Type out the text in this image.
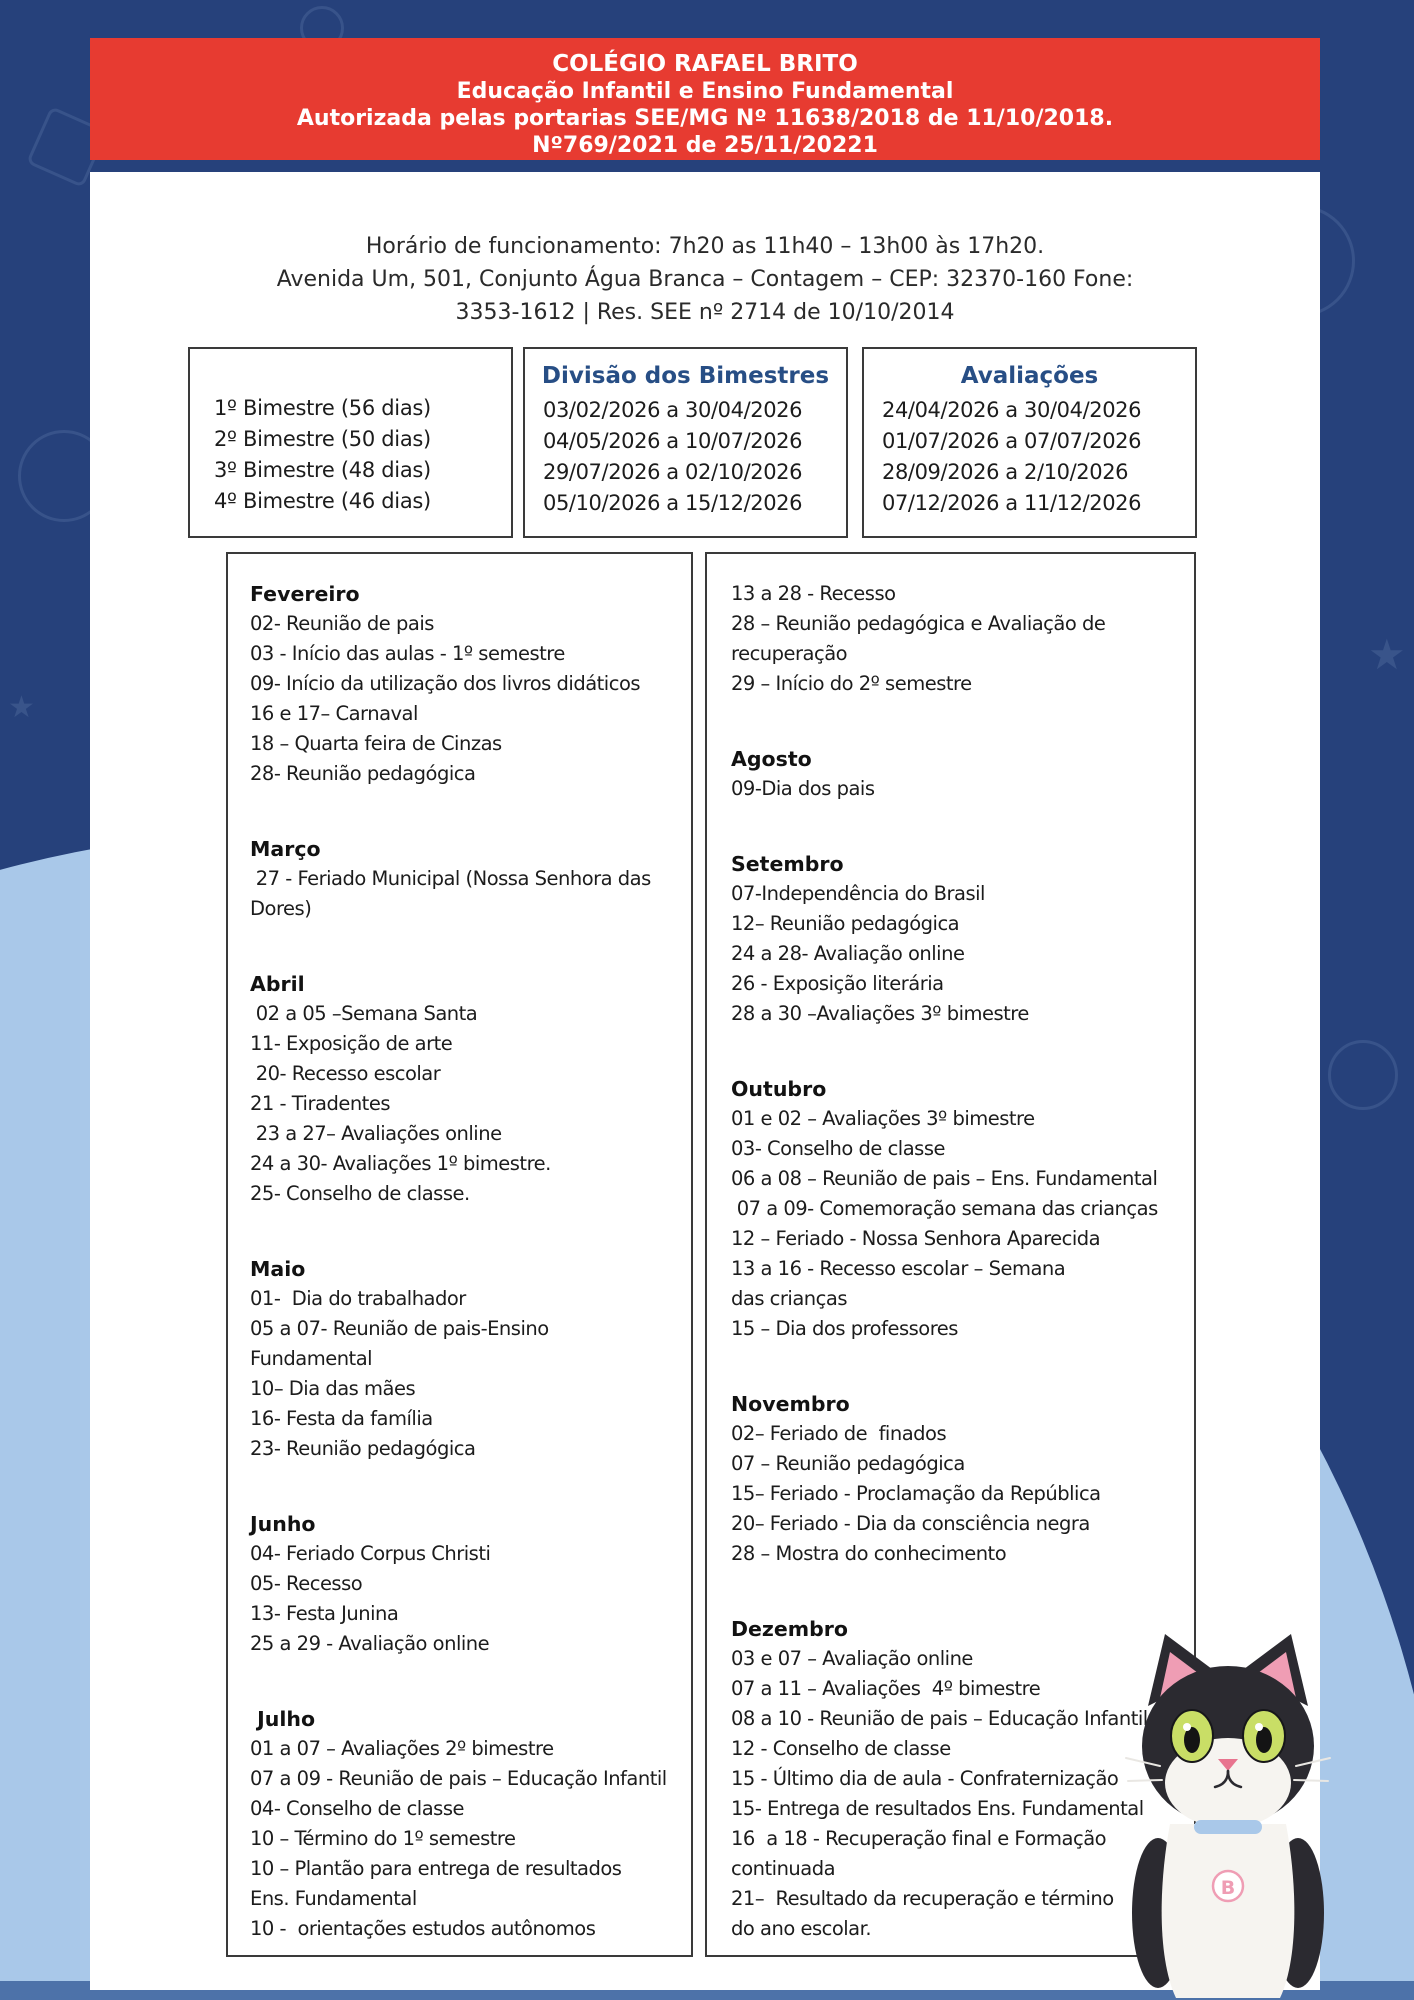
★
★
COLÉGIO RAFAEL BRITO
Educação Infantil e Ensino Fundamental
Autorizada pelas portarias SEE/MG Nº 11638/2018 de 11/10/2018.
Nº769/2021 de 25/11/20221
Horário de funcionamento: 7h20 as 11h40 – 13h00 às 17h20.
Avenida Um, 501, Conjunto Água Branca – Contagem – CEP: 32370-160 Fone:
3353-1612 | Res. SEE nº 2714 de 10/10/2014
1º Bimestre (56 dias)
2º Bimestre (50 dias)
3º Bimestre (48 dias)
4º Bimestre (46 dias)
Divisão dos Bimestres
03/02/2026 a 30/04/2026
04/05/2026 a 10/07/2026
29/07/2026 a 02/10/2026
05/10/2026 a 15/12/2026
Avaliações
24/04/2026 a 30/04/2026
01/07/2026 a 07/07/2026
28/09/2026 a 2/10/2026
07/12/2026 a 11/12/2026
Fevereiro
02- Reunião de pais
03 - Início das aulas - 1º semestre
09- Início da utilização dos livros didáticos
16 e 17– Carnaval
18 – Quarta feira de Cinzas
28- Reunião pedagógica
Março
27 - Feriado Municipal (Nossa Senhora das
Dores)
Abril
02 a 05 –Semana Santa
11- Exposição de arte
20- Recesso escolar
21 - Tiradentes
23 a 27– Avaliações online
24 a 30- Avaliações 1º bimestre.
25- Conselho de classe.
Maio
01-  Dia do trabalhador
05 a 07- Reunião de pais-Ensino
Fundamental
10– Dia das mães
16- Festa da família
23- Reunião pedagógica
Junho
04- Feriado Corpus Christi
05- Recesso
13- Festa Junina
25 a 29 - Avaliação online
Julho
01 a 07 – Avaliações 2º bimestre
07 a 09 - Reunião de pais – Educação Infantil
04- Conselho de classe
10 – Término do 1º semestre
10 – Plantão para entrega de resultados
Ens. Fundamental
10 -  orientações estudos autônomos
13 a 28 - Recesso
28 – Reunião pedagógica e Avaliação de
recuperação
29 – Início do 2º semestre
Agosto
09-Dia dos pais
Setembro
07-Independência do Brasil
12– Reunião pedagógica
24 a 28- Avaliação online
26 - Exposição literária
28 a 30 –Avaliações 3º bimestre
Outubro
01 e 02 – Avaliações 3º bimestre
03- Conselho de classe
06 a 08 – Reunião de pais – Ens. Fundamental
07 a 09- Comemoração semana das crianças
12 – Feriado - Nossa Senhora Aparecida
13 a 16 - Recesso escolar – Semana
das crianças
15 – Dia dos professores
Novembro
02– Feriado de  finados
07 – Reunião pedagógica
15– Feriado - Proclamação da República
20– Feriado - Dia da consciência negra
28 – Mostra do conhecimento
Dezembro
03 e 07 – Avaliação online
07 a 11 – Avaliações  4º bimestre
08 a 10 - Reunião de pais – Educação Infantil
12 - Conselho de classe
15 - Último dia de aula - Confraternização
15- Entrega de resultados Ens. Fundamental
16  a 18 - Recuperação final e Formação
continuada
21–  Resultado da recuperação e término
do ano escolar.
B
